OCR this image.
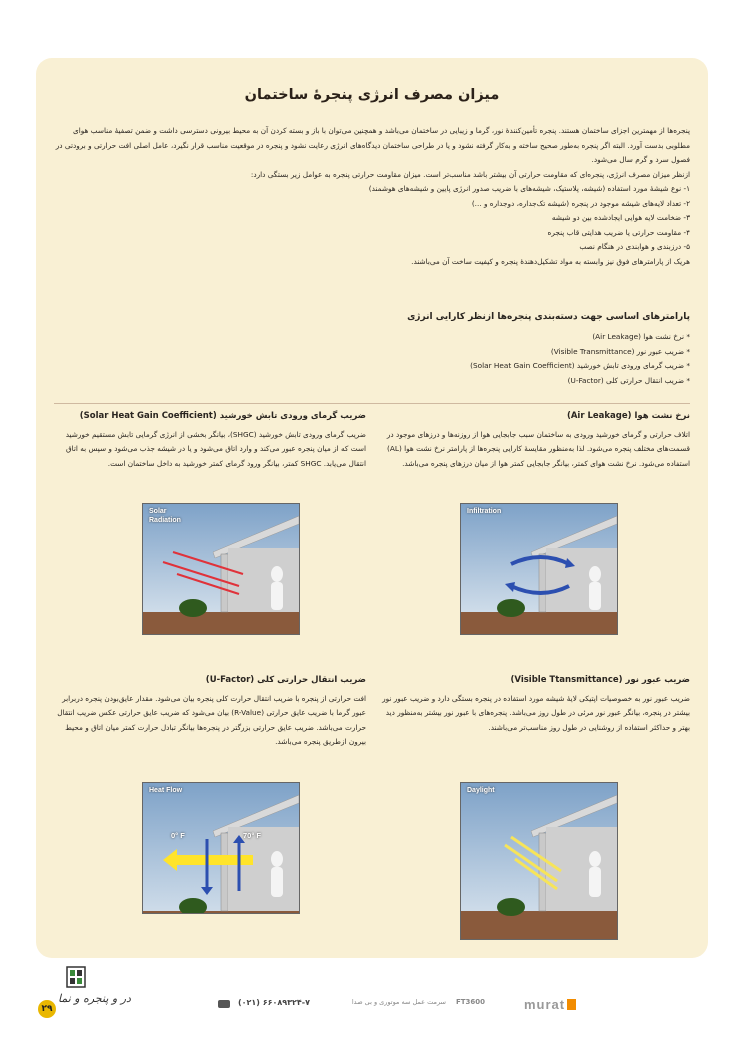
میزان مصرف انرژی پنجرهٔ ساختمان

پنجره‌ها از مهمترین اجزای ساختمان هستند. پنجره تأمین‌کنندهٔ نور، گرما و زیبایی در ساختمان می‌باشد و همچنین می‌توان با باز و بسته کردن آن به محیط بیرونی دسترسی داشت و ضمن تصفیهٔ مناسب هوای مطلوبی بدست آورد. البته اگر پنجره به‌طور صحیح ساخته و به‌کار گرفته نشود و یا در طراحی ساختمان دیدگاه‌های انرژی رعایت نشود و پنجره در موقعیت مناسب قرار نگیرد، عامل اصلی افت حرارتی و برودتی در فصول سرد و گرم سال می‌شود.

ازنظر میزان مصرف انرژی، پنجره‌ای که مقاومت حرارتی آن بیشتر باشد مناسب‌تر است. میزان مقاومت حرارتی پنجره به عوامل زیر بستگی دارد:

۱- نوع شیشهٔ مورد استفاده (شیشه، پلاستیک، شیشه‌های با ضریب صدور انرژی پایین و شیشه‌های هوشمند)
۲- تعداد لایه‌های شیشه موجود در پنجره (شیشه تک‌جداره، دوجداره و ...)
۳- ضخامت لایه هوایی ایجادشده بین دو شیشه
۴- مقاومت حرارتی یا ضریب هدایتی قاب پنجره
۵- درزبندی و هوابندی در هنگام نصب

هریک از پارامترهای فوق نیز وابسته به مواد تشکیل‌دهندهٔ پنجره و کیفیت ساخت آن می‌باشند.

پارامترهای اساسی جهت دسته‌بندی پنجره‌ها ازنظر کارایی انرژی
* نرخ نشت هوا (Air Leakage)
* ضریب عبور نور (Visible Transmittance)
* ضریب گرمای ورودی تابش خورشید (Solar Heat Gain Coefficient)
* ضریب انتقال حرارتی کلی (U-Factor)
نرخ نشت هوا (Air Leakage)
اتلاف حرارتی و گرمای خورشید ورودی به ساختمان سبب جابجایی هوا از روزنه‌ها و درزهای موجود در قسمت‌های مختلف پنجره می‌شود. لذا به‌منظور مقایسهٔ کارایی پنجره‌ها از پارامتر نرخ نشت هوا (AL) استفاده می‌شود. نرخ نشت هوای کمتر، بیانگر جابجایی کمتر هوا از میان درزهای پنجره می‌باشد.
ضریب گرمای ورودی تابش خورشید (Solar Heat Gain Coefficient)
ضریب گرمای ورودی تابش خورشید (SHGC)، بیانگر بخشی از انرژی گرمایی تابش مستقیم خورشید است که از میان پنجره عبور می‌کند و وارد اتاق می‌شود و یا در شیشه جذب می‌شود و سپس به اتاق انتقال می‌یابد. SHGC کمتر، بیانگر ورود گرمای کمتر خورشید به داخل ساختمان است.
Solar Radiation
Infiltration
ضریب عبور نور (Visible Ttansmittance)
ضریب عبور نور به خصوصیات اپتیکی لایهٔ شیشه مورد استفاده در پنجره بستگی دارد و ضریب عبور نور بیشتر در پنجره، بیانگر عبور نور مرئی در طول روز می‌باشد. پنجره‌های با عبور نور بیشتر به‌منظور دید بهتر و حداکثر استفاده از روشنایی در طول روز مناسب‌تر می‌باشند.
ضریب انتقال حرارتی کلی (U-Factor)
افت حرارتی از پنجره با ضریب انتقال حرارت کلی پنجره بیان می‌شود. مقدار عایق‌بودن پنجره دربرابر عبور گرما با ضریب عایق حرارتی (R-Value) بیان می‌شود که ضریب عایق حرارتی عکس ضریب انتقال حرارت می‌باشد. ضریب عایق حرارتی بزرگتر در پنجره‌ها بیانگر تبادل حرارت کمتر میان اتاق و محیط بیرون ازطریق پنجره می‌باشد.
Heat Flow
0° F	70° F
Daylight
در و پنجره و نما
۲۹
(۰۲۱) ۶۶۰۸۹۳۲۴-۷	سرمت عمل سه موتوری و بی صدا FT3600	murat
